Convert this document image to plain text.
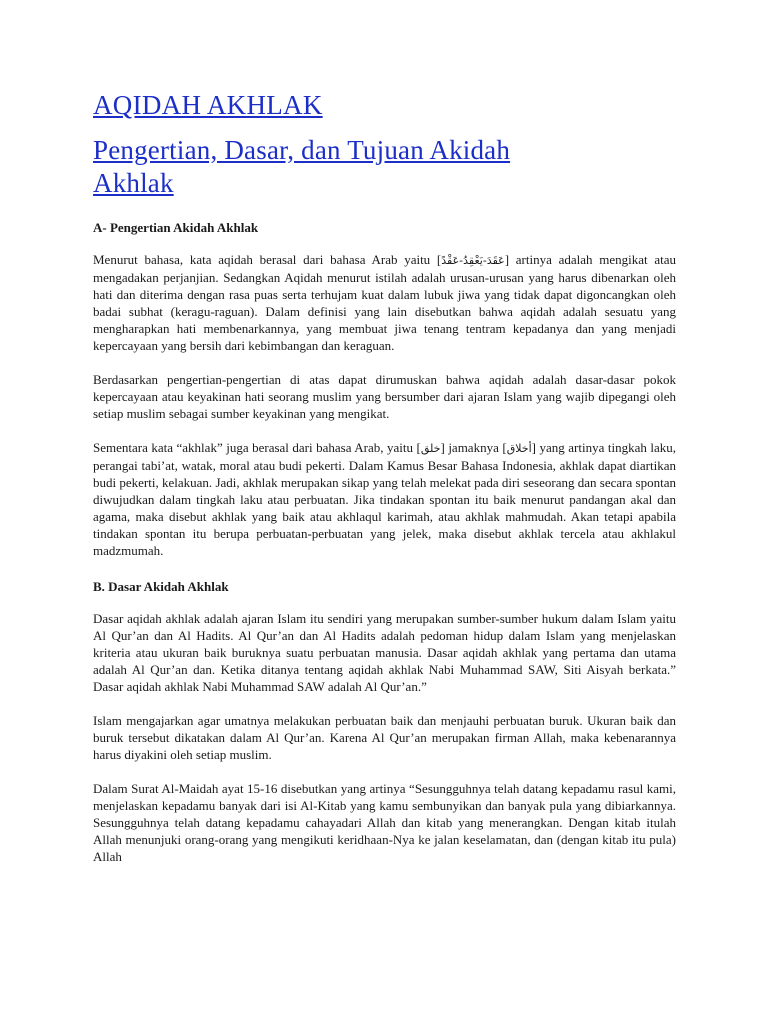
AQIDAH AKHLAK
Pengertian, Dasar, dan Tujuan Akidah Akhlak
A- Pengertian Akidah Akhlak

Menurut bahasa, kata aqidah berasal dari bahasa Arab yaitu [عَقَدَ-يَعْقِدُ-عَقْدً] artinya adalah mengikat atau mengadakan perjanjian. Sedangkan Aqidah menurut istilah adalah urusan-urusan yang harus dibenarkan oleh hati dan diterima dengan rasa puas serta terhujam kuat dalam lubuk jiwa yang tidak dapat digoncangkan oleh badai subhat (keragu-raguan). Dalam definisi yang lain disebutkan bahwa aqidah adalah sesuatu yang mengharapkan hati membenarkannya, yang membuat jiwa tenang tentram kepadanya dan yang menjadi kepercayaan yang bersih dari kebimbangan dan keraguan.

Berdasarkan pengertian-pengertian di atas dapat dirumuskan bahwa aqidah adalah dasar-dasar pokok kepercayaan atau keyakinan hati seorang muslim yang bersumber dari ajaran Islam yang wajib dipegangi oleh setiap muslim sebagai sumber keyakinan yang mengikat.

Sementara kata “akhlak” juga berasal dari bahasa Arab, yaitu [خلق] jamaknya [أخلاق] yang artinya tingkah laku, perangai tabi’at, watak, moral atau budi pekerti. Dalam Kamus Besar Bahasa Indonesia, akhlak dapat diartikan budi pekerti, kelakuan. Jadi, akhlak merupakan sikap yang telah melekat pada diri seseorang dan secara spontan diwujudkan dalam tingkah laku atau perbuatan. Jika tindakan spontan itu baik menurut pandangan akal dan agama, maka disebut akhlak yang baik atau akhlaqul karimah, atau akhlak mahmudah. Akan tetapi apabila tindakan spontan itu berupa perbuatan-perbuatan yang jelek, maka disebut akhlak tercela atau akhlakul madzmumah.

B. Dasar Akidah Akhlak

Dasar aqidah akhlak adalah ajaran Islam itu sendiri yang merupakan sumber-sumber hukum dalam Islam yaitu Al Qur’an dan Al Hadits. Al Qur’an dan Al Hadits adalah pedoman hidup dalam Islam yang menjelaskan kriteria atau ukuran baik buruknya suatu perbuatan manusia. Dasar aqidah akhlak yang pertama dan utama adalah Al Qur’an dan. Ketika ditanya tentang aqidah akhlak Nabi Muhammad SAW, Siti Aisyah berkata.” Dasar aqidah akhlak Nabi Muhammad SAW adalah Al Qur’an.”

Islam mengajarkan agar umatnya melakukan perbuatan baik dan menjauhi perbuatan buruk. Ukuran baik dan buruk tersebut dikatakan dalam Al Qur’an. Karena Al Qur’an merupakan firman Allah, maka kebenarannya harus diyakini oleh setiap muslim.

Dalam Surat Al-Maidah ayat 15-16 disebutkan yang artinya “Sesungguhnya telah datang kepadamu rasul kami, menjelaskan kepadamu banyak dari isi Al-Kitab yang kamu sembunyikan dan banyak pula yang dibiarkannya. Sesungguhnya telah datang kepadamu cahayadari Allah dan kitab yang menerangkan. Dengan kitab itulah Allah menunjuki orang-orang yang mengikuti keridhaan-Nya ke jalan keselamatan, dan (dengan kitab itu pula) Allah
